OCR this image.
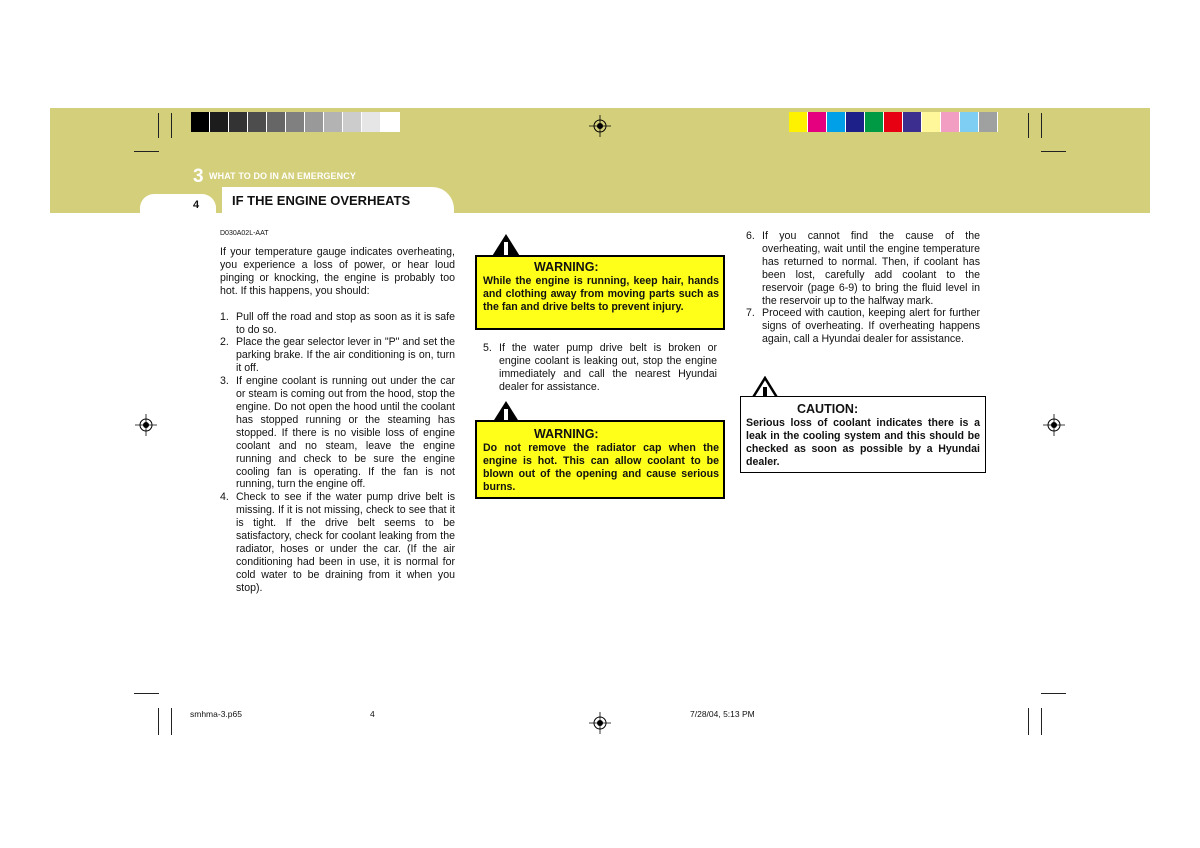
3 WHAT TO DO IN AN EMERGENCY
4	IF THE ENGINE OVERHEATS
D030A02L-AAT

If your temperature gauge indicates overheating, you experience a loss of power, or hear loud pinging or knocking, the engine is probably too hot. If this happens, you should:

1. Pull off the road and stop as soon as it is safe to do so.
2. Place the gear selector lever in "P" and set the parking brake. If the air conditioning is on, turn it off.
3. If engine coolant is running out under the car or steam is coming out from the hood, stop the engine. Do not open the hood until the coolant has stopped running or the steaming has stopped. If there is no visible loss of engine coolant and no steam, leave the engine running and check to be sure the engine cooling fan is operating. If the fan is not running, turn the engine off.
4. Check to see if the water pump drive belt is missing. If it is not missing, check to see that it is tight. If the drive belt seems to be satisfactory, check for coolant leaking from the radiator, hoses or under the car. (If the air conditioning had been in use, it is normal for cold water to be draining from it when you stop).
WARNING:
While the engine is running, keep hair, hands and clothing away from moving parts such as the fan and drive belts to prevent injury.
5. If the water pump drive belt is broken or engine coolant is leaking out, stop the engine immediately and call the nearest Hyundai dealer for assistance.
WARNING:
Do not remove the radiator cap when the engine is hot. This can allow coolant to be blown out of the opening and cause serious burns.
6. If you cannot find the cause of the overheating, wait until the engine temperature has returned to normal. Then, if coolant has been lost, carefully add coolant to the reservoir (page 6-9) to bring the fluid level in the reservoir up to the halfway mark.
7. Proceed with caution, keeping alert for further signs of overheating. If overheating happens again, call a Hyundai dealer for assistance.
CAUTION:
Serious loss of coolant indicates there is a leak in the cooling system and this should be checked as soon as possible by a Hyundai dealer.
smhma-3.p65	4	7/28/04, 5:13 PM
